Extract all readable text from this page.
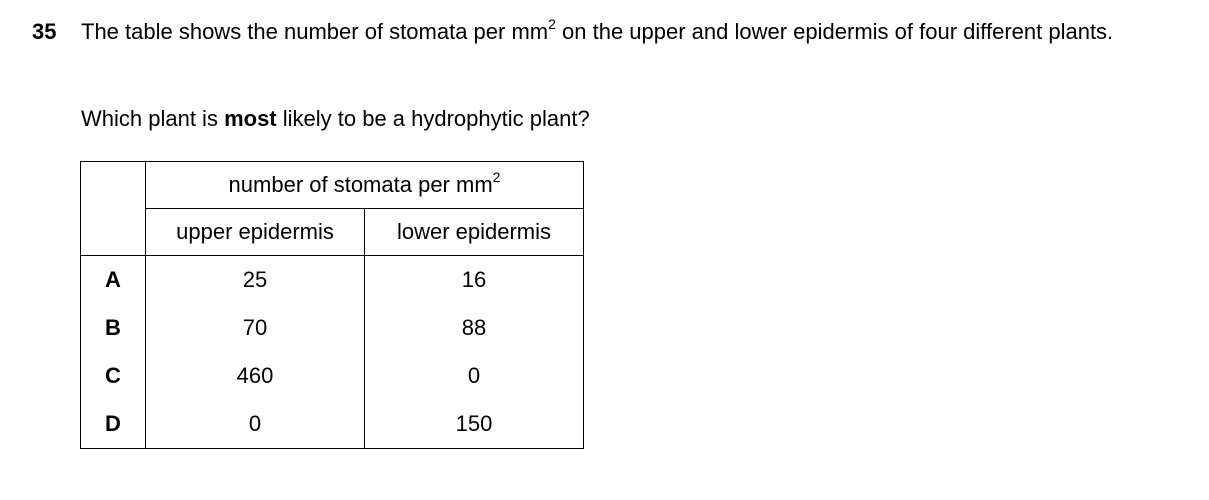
35 The table shows the number of stomata per $mm^2$ on the upper and lower epidermis of four different plants.
Which plant is most likely to be a hydrophytic plant?
	number of stomata per $mm^2$
	upper epidermis	lower epidermis
A	25	16
B	70	88
C	460	0
D	0	150
